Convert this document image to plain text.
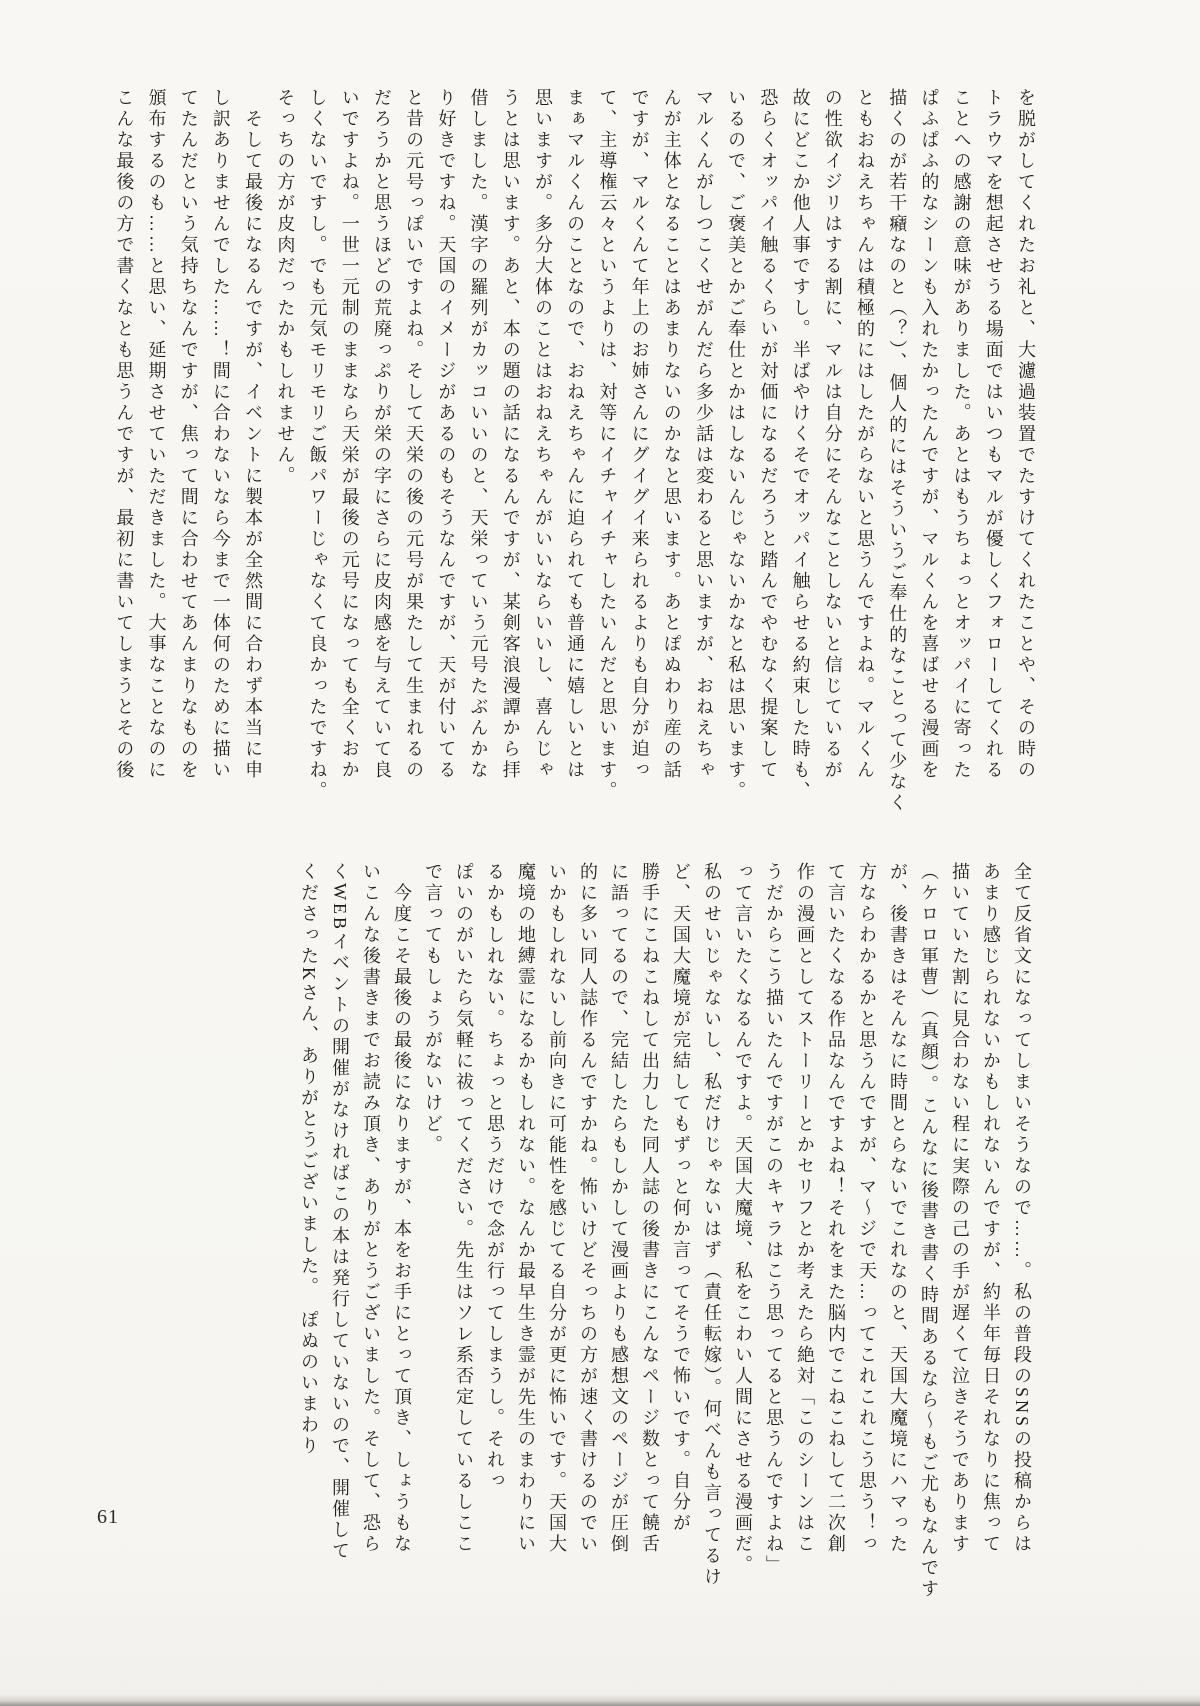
を脱がしてくれたお礼と、大濾過装置でたすけてくれたことや、その時の
トラウマを想起させうる場面ではいつもマルが優しくフォローしてくれる
ことへの感謝の意味がありました。あとはもうちょっとオッパイに寄った
ぱふぱふ的なシーンも入れたかったんですが、マルくんを喜ばせる漫画を
描くのが若干癪なのと（？）、個人的にはそういうご奉仕的なことって少なく
ともおねえちゃんは積極的にはしたがらないと思うんですよね。マルくん
の性欲イジリはする割に、マルは自分にそんなことしないと信じているが
故にどこか他人事ですし。半ばやけくそでオッパイ触らせる約束した時も、
恐らくオッパイ触るくらいが対価になるだろうと踏んでやむなく提案して
いるので、ご褒美とかご奉仕とかはしないんじゃないかなと私は思います。
マルくんがしつこくせがんだら多少話は変わると思いますが、おねえちゃ
んが主体となることはあまりないのかなと思います。あとぽぬわり産の話
ですが、マルくんて年上のお姉さんにグイグイ来られるよりも自分が迫っ
て、主導権云々というよりは、対等にイチャイチャしたいんだと思います。
まぁマルくんのことなので、おねえちゃんに迫られても普通に嬉しいとは
思いますが。多分大体のことはおねえちゃんがいいならいいし、喜んじゃ
うとは思います。あと、本の題の話になるんですが、某剣客浪漫譚から拝
借しました。漢字の羅列がカッコいいのと、天栄っていう元号たぶんかな
り好きですね。天国のイメージがあるのもそうなんですが、天が付いてる
と昔の元号っぽいですよね。そして天栄の後の元号が果たして生まれるの
だろうかと思うほどの荒廃っぷりが栄の字にさらに皮肉感を与えていて良
いですよね。一世一元制のままなら天栄が最後の元号になっても全くおか
しくないですし。でも元気モリモリご飯パワーじゃなくて良かったですね。
そっちの方が皮肉だったかもしれません。
　そして最後になるんですが、イベントに製本が全然間に合わず本当に申
し訳ありませんでした……！間に合わないなら今まで一体何のために描い
てたんだという気持ちなんですが、焦って間に合わせてあんまりなものを
頒布するのも……と思い、延期させていただきました。大事なことなのに
こんな最後の方で書くなとも思うんですが、最初に書いてしまうとその後
全て反省文になってしまいそうなので……。私の普段のSNSの投稿からは
あまり感じられないかもしれないんですが、約半年毎日それなりに焦って
描いていた割に見合わない程に実際の己の手が遅くて泣きそうであります
（ケロロ軍曹）（真顔）。こんなに後書き書く時間あるなら〜もご尤もなんです
が、後書きはそんなに時間とらないでこれなのと、天国大魔境にハマった
方ならわかるかと思うんですが、マ〜ジで天…ってこれこれこう思う！っ
て言いたくなる作品なんですよね！それをまた脳内でこねこねして二次創
作の漫画としてストーリーとかセリフとか考えたら絶対「このシーンはこ
うだからこう描いたんですがこのキャラはこう思ってると思うんですよね」
って言いたくなるんですよ。天国大魔境、私をこわい人間にさせる漫画だ。
私のせいじゃないし、私だけじゃないはず（責任転嫁）。何べんも言ってるけ
ど、天国大魔境が完結してもずっと何か言ってそうで怖いです。自分が
勝手にこねこねして出力した同人誌の後書きにこんなページ数とって饒舌
に語ってるので、完結したらもしかして漫画よりも感想文のページが圧倒
的に多い同人誌作るんですかね。怖いけどそっちの方が速く書けるのでい
いかもしれないし前向きに可能性を感じてる自分が更に怖いです。天国大
魔境の地縛霊になるかもしれない。なんか最早生き霊が先生のまわりにい
るかもしれない。ちょっと思うだけで念が行ってしまうし。それっ
ぽいのがいたら気軽に祓ってください。先生はソレ系否定しているしここ
で言ってもしょうがないけど。
　今度こそ最後の最後になりますが、本をお手にとって頂き、しょうもな
いこんな後書きまでお読み頂き、ありがとうございました。そして、恐ら
くWEBイベントの開催がなければこの本は発行していないので、開催して
くださったKさん、ありがとうございました。　ぽぬのいまわり
61
